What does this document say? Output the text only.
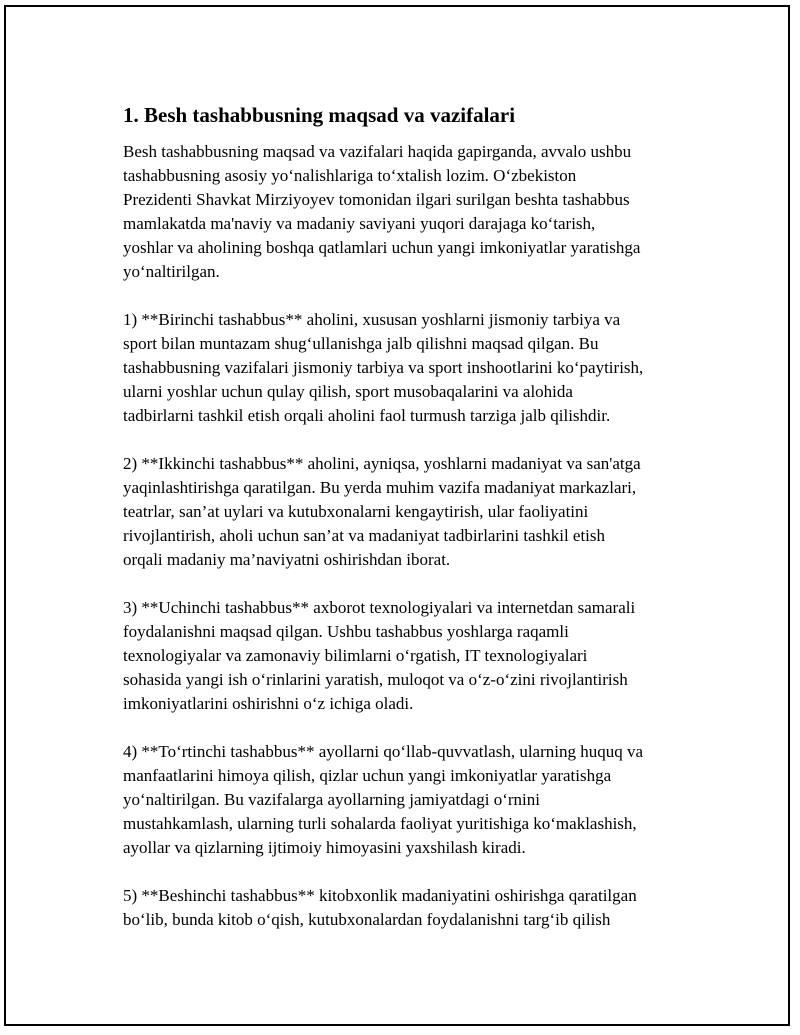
1. Besh tashabbusning maqsad va vazifalari

Besh tashabbusning maqsad va vazifalari haqida gapirganda, avvalo ushbu
tashabbusning asosiy yo‘nalishlariga to‘xtalish lozim. O‘zbekiston
Prezidenti Shavkat Mirziyoyev tomonidan ilgari surilgan beshta tashabbus
mamlakatda ma'naviy va madaniy saviyani yuqori darajaga ko‘tarish,
yoshlar va aholining boshqa qatlamlari uchun yangi imkoniyatlar yaratishga
yo‘naltirilgan.

1) **Birinchi tashabbus** aholini, xususan yoshlarni jismoniy tarbiya va
sport bilan muntazam shug‘ullanishga jalb qilishni maqsad qilgan. Bu
tashabbusning vazifalari jismoniy tarbiya va sport inshootlarini ko‘paytirish,
ularni yoshlar uchun qulay qilish, sport musobaqalarini va alohida
tadbirlarni tashkil etish orqali aholini faol turmush tarziga jalb qilishdir.

2) **Ikkinchi tashabbus** aholini, ayniqsa, yoshlarni madaniyat va san'atga
yaqinlashtirishga qaratilgan. Bu yerda muhim vazifa madaniyat markazlari,
teatrlar, san’at uylari va kutubxonalarni kengaytirish, ular faoliyatini
rivojlantirish, aholi uchun san’at va madaniyat tadbirlarini tashkil etish
orqali madaniy ma’naviyatni oshirishdan iborat.

3) **Uchinchi tashabbus** axborot texnologiyalari va internetdan samarali
foydalanishni maqsad qilgan. Ushbu tashabbus yoshlarga raqamli
texnologiyalar va zamonaviy bilimlarni o‘rgatish, IT texnologiyalari
sohasida yangi ish o‘rinlarini yaratish, muloqot va o‘z-o‘zini rivojlantirish
imkoniyatlarini oshirishni o‘z ichiga oladi.

4) **To‘rtinchi tashabbus** ayollarni qo‘llab-quvvatlash, ularning huquq va
manfaatlarini himoya qilish, qizlar uchun yangi imkoniyatlar yaratishga
yo‘naltirilgan. Bu vazifalarga ayollarning jamiyatdagi o‘rnini
mustahkamlash, ularning turli sohalarda faoliyat yuritishiga ko‘maklashish,
ayollar va qizlarning ijtimoiy himoyasini yaxshilash kiradi.

5) **Beshinchi tashabbus** kitobxonlik madaniyatini oshirishga qaratilgan
bo‘lib, bunda kitob o‘qish, kutubxonalardan foydalanishni targ‘ib qilish
